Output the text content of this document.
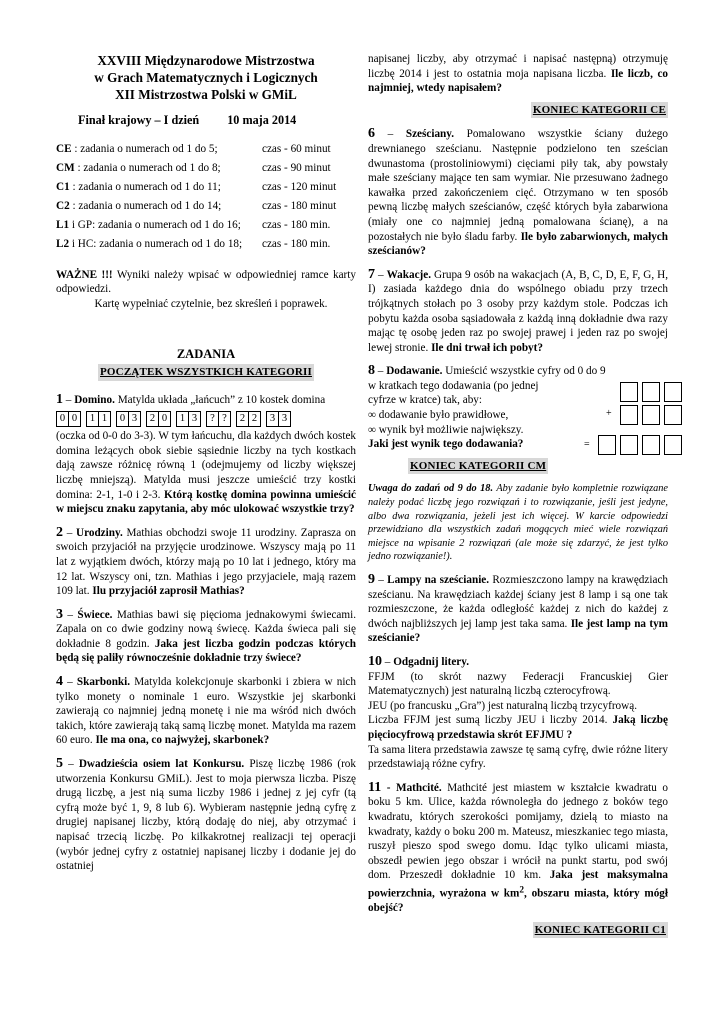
XXVIII Międzynarodowe Mistrzostwa
w Grach Matematycznych i Logicznych
XII Mistrzostwa Polski w GMiL
Finał krajowy – I dzień 10 maja 2014
CE : zadania o numerach od 1 do 5;	czas - 60 minut
CM : zadania o numerach od 1 do 8;	czas - 90 minut
C1 : zadania o numerach od 1 do 11;	czas - 120 minut
C2 : zadania o numerach od 1 do 14;	czas - 180 minut
L1 i GP: zadania o numerach od 1 do 16;	czas - 180 min.
L2 i HC: zadania o numerach od 1 do 18;	czas - 180 min.

WAŻNE !!! Wyniki należy wpisać w odpowiedniej ramce karty odpowiedzi.

Kartę wypełniać czytelnie, bez skreśleń i poprawek.

ZADANIA
POCZĄTEK WSZYSTKICH KATEGORII
1 – Domino. Matylda układa „łańcuch” z 10 kostek domina
0 0 1 1 0 3 2 0 1 3	? ?	2 2 3 3

(oczka od 0-0 do 3-3). W tym łańcuchu, dla każdych dwóch kostek domina leżących obok siebie sąsiednie liczby na tych kostkach dają zawsze różnicę równą 1 (odejmujemy od liczby większej liczbę mniejszą). Matylda musi jeszcze umieścić trzy kostki domina: 2-1, 1-0 i 2-3. Którą kostkę domina powinna umieścić w miejscu znaku zapytania, aby móc ulokować wszystkie trzy?

2 – Urodziny. Mathias obchodzi swoje 11 urodziny. Zaprasza on swoich przyjaciół na przyjęcie urodzinowe. Wszyscy mają po 11 lat z wyjątkiem dwóch, którzy mają po 10 lat i jednego, który ma 12 lat. Wszyscy oni, tzn. Mathias i jego przyjaciele, mają razem 109 lat. Ilu przyjaciół zaprosił Mathias?
3 – Świece. Mathias bawi się pięcioma jednakowymi świecami. Zapala on co dwie godziny nową świecę. Każda świeca pali się dokładnie 8 godzin. Jaka jest liczba godzin podczas których będą się paliły równocześnie dokładnie trzy świece?
4 – Skarbonki. Matylda kolekcjonuje skarbonki i zbiera w nich tylko monety o nominale 1 euro. Wszystkie jej skarbonki zawierają co najmniej jedną monetę i nie ma wśród nich dwóch takich, które zawierają taką samą liczbę monet. Matylda ma razem 60 euro. Ile ma ona, co najwyżej, skarbonek?
5 – Dwadzieścia osiem lat Konkursu. Piszę liczbę 1986 (rok utworzenia Konkursu GMiL). Jest to moja pierwsza liczba. Piszę drugą liczbę, a jest nią suma liczby 1986 i jednej z jej cyfr (tą cyfrą może być 1, 9, 8 lub 6). Wybieram następnie jedną cyfrę z drugiej napisanej liczby, którą dodaję do niej, aby otrzymać i napisać trzecią liczbę. Po kilkakrotnej realizacji tej operacji (wybór jednej cyfry z ostatniej napisanej liczby i dodanie jej do ostatniej

napisanej liczby, aby otrzymać i napisać następną) otrzymuję liczbę 2014 i jest to ostatnia moja napisana liczba. Ile liczb, co najmniej, wtedy napisałem?

KONIEC KATEGORII CE
6 – Sześciany. Pomalowano wszystkie ściany dużego drewnianego sześcianu. Następnie podzielono ten sześcian dwunastoma (prostoliniowymi) cięciami piły tak, aby powstały małe sześciany mające ten sam wymiar. Nie przesuwano żadnego kawałka przed zakończeniem cięć. Otrzymano w ten sposób pewną liczbę małych sześcianów, część których była zabarwiona (miały one co najmniej jedną pomalowana ścianę), a na pozostałych nie było śladu farby. Ile było zabarwionych, małych sześcianów?
7 – Wakacje. Grupa 9 osób na wakacjach (A, B, C, D, E, F, G, H, I) zasiada każdego dnia do wspólnego obiadu przy trzech trójkątnych stołach po 3 osoby przy każdym stole. Podczas ich pobytu każda osoba sąsiadowała z każdą inną dokładnie dwa razy mając tę osobę jeden raz po swojej prawej i jeden raz po swojej lewej stronie. Ile dni trwał ich pobyt?
8 – Dodawanie. Umieścić wszystkie cyfry od 0 do 9
w kratkach tego dodawania (po jednej
cyfrze w kratce) tak, aby:
∞ dodawanie było prawidłowe,
∞ wynik był możliwie największy.
Jaki jest wynik tego dodawania?
+
=
KONIEC KATEGORII CM

Uwaga do zadań od 9 do 18. Aby zadanie było kompletnie rozwiązane należy podać liczbę jego rozwiązań i to rozwiązanie, jeśli jest jedyne, albo dwa rozwiązania, jeżeli jest ich więcej. W karcie odpowiedzi przewidziano dla wszystkich zadań mogących mieć wiele rozwiązań miejsce na wpisanie 2 rozwiązań (ale może się zdarzyć, że jest tylko jedno rozwiązanie!).

9 – Lampy na sześcianie. Rozmieszczono lampy na krawędziach sześcianu. Na krawędziach każdej ściany jest 8 lamp i są one tak rozmieszczone, że każda odległość każdej z nich do każdej z dwóch najbliższych jej lamp jest taka sama. Ile jest lamp na tym sześcianie?
10 – Odgadnij litery.
FFJM (to skrót nazwy Federacji Francuskiej Gier Matematycznych) jest naturalną liczbą czterocyfrową.
JEU (po francusku „Gra”) jest naturalną liczbą trzycyfrową.
Liczba FFJM jest sumą liczby JEU i liczby 2014. Jaką liczbę pięciocyfrową przedstawia skrót EFJMU ?
Ta sama litera przedstawia zawsze tę samą cyfrę, dwie różne litery przedstawiają różne cyfry.
11 - Mathcité. Mathcité jest miastem w kształcie kwadratu o boku 5 km. Ulice, każda równoległa do jednego z boków tego kwadratu, których szerokości pomijamy, dzielą to miasto na kwadraty, każdy o boku 200 m. Mateusz, mieszkaniec tego miasta, ruszył pieszo spod swego domu. Idąc tylko ulicami miasta, obszedł pewien jego obszar i wrócił na punkt startu, pod swój dom. Przeszedł dokładnie 10 km. Jaka jest maksymalna powierzchnia, wyrażona w $km^2$, obszaru miasta, który mógł obejść?
KONIEC KATEGORII C1
